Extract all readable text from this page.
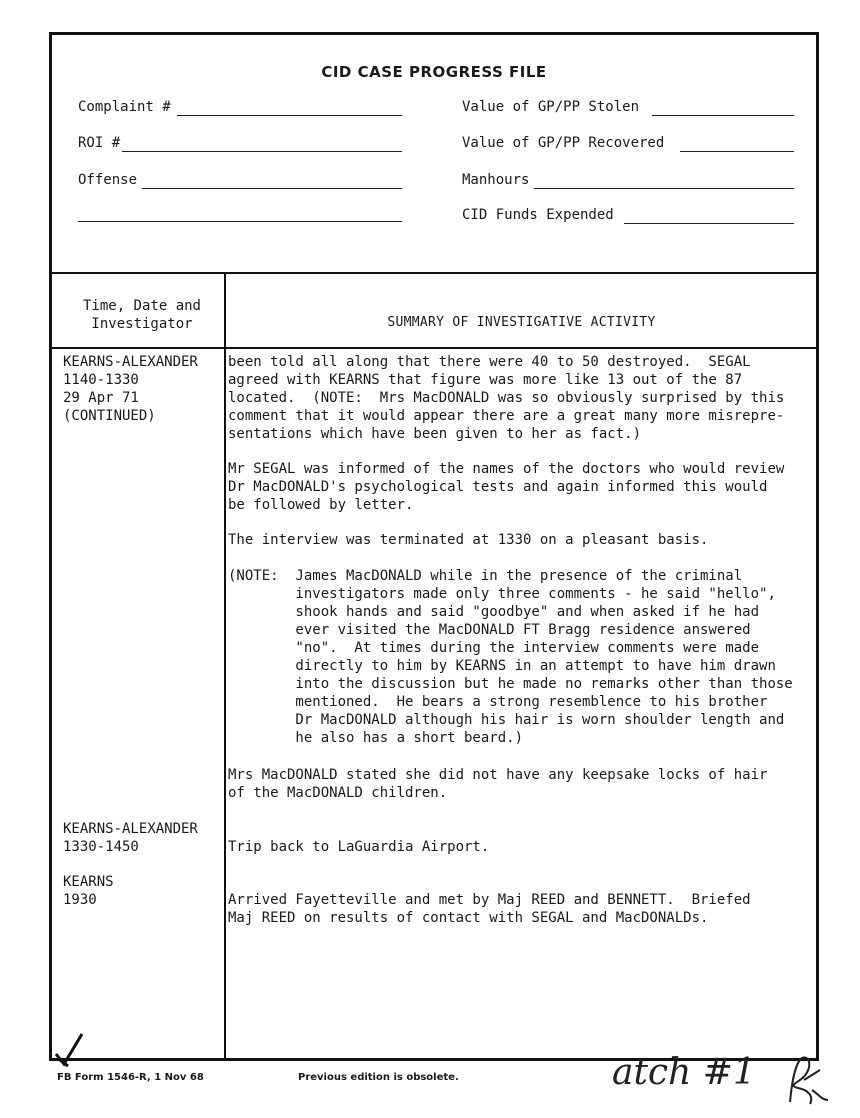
CID CASE PROGRESS FILE
Complaint #
ROI #
Offense
Value of GP/PP Stolen
Value of GP/PP Recovered
Manhours
CID Funds Expended
Time, Date and
Investigator	SUMMARY OF INVESTIGATIVE ACTIVITY
KEARNS-ALEXANDER
1140-1330
29 Apr 71
(CONTINUED)
been told all along that there were 40 to 50 destroyed.  SEGAL
agreed with KEARNS that figure was more like 13 out of the 87
located.  (NOTE:  Mrs MacDONALD was so obviously surprised by this
comment that it would appear there are a great many more misrepre-
sentations which have been given to her as fact.)
Mr SEGAL was informed of the names of the doctors who would review
Dr MacDONALD's psychological tests and again informed this would
be followed by letter.
The interview was terminated at 1330 on a pleasant basis.
(NOTE:  James MacDONALD while in the presence of the criminal
investigators made only three comments - he said "hello",
shook hands and said "goodbye" and when asked if he had
ever visited the MacDONALD FT Bragg residence answered
"no".  At times during the interview comments were made
directly to him by KEARNS in an attempt to have him drawn
into the discussion but he made no remarks other than those
mentioned.  He bears a strong resemblence to his brother
Dr MacDONALD although his hair is worn shoulder length and
he also has a short beard.)
Mrs MacDONALD stated she did not have any keepsake locks of hair
of the MacDONALD children.
KEARNS-ALEXANDER
1330-1450	Trip back to LaGuardia Airport.
KEARNS
1930	Arrived Fayetteville and met by Maj REED and BENNETT.  Briefed
Maj REED on results of contact with SEGAL and MacDONALDs.
FB Form 1546-R, 1 Nov 68	Previous edition is obsolete.	atch #1
